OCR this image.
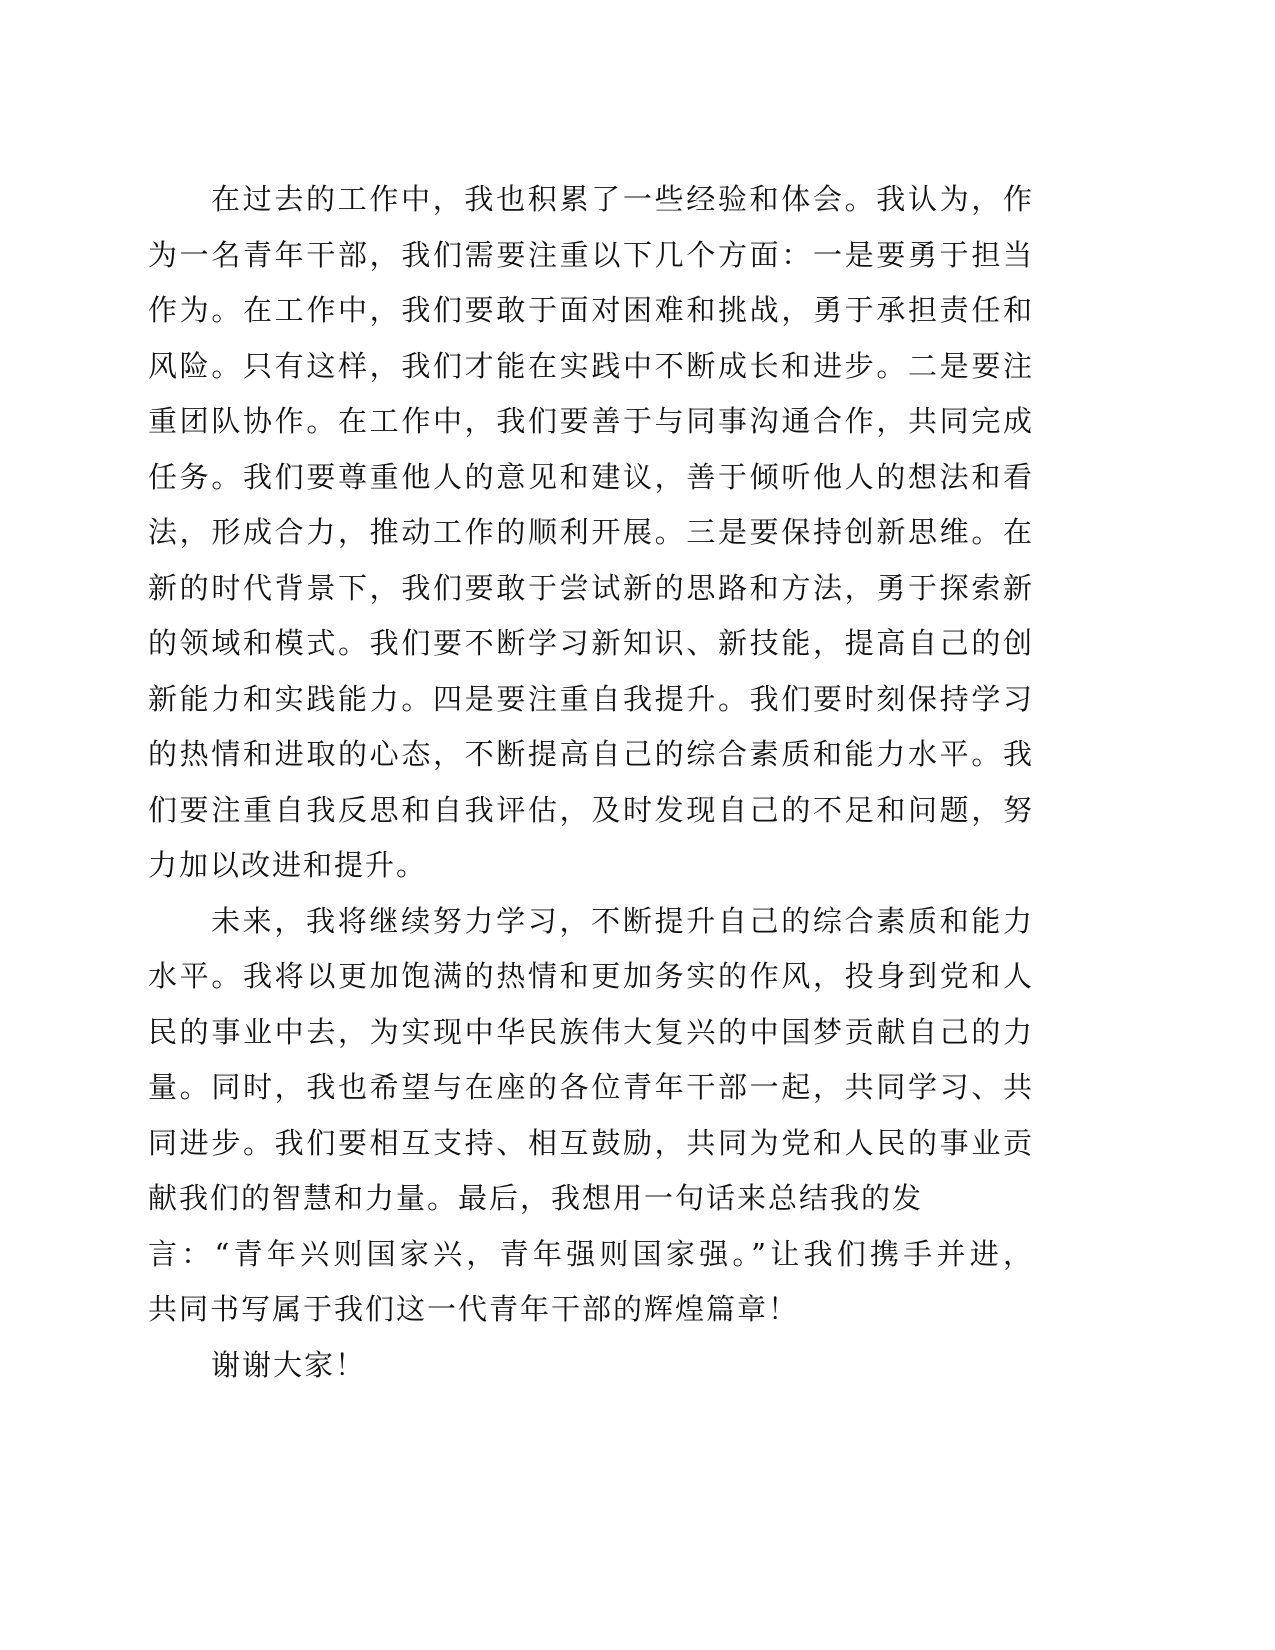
在过去的工作中，我也积累了一些经验和体会。我认为，作
为一名青年干部，我们需要注重以下几个方面：一是要勇于担当
作为。在工作中，我们要敢于面对困难和挑战，勇于承担责任和
风险。只有这样，我们才能在实践中不断成长和进步。二是要注
重团队协作。在工作中，我们要善于与同事沟通合作，共同完成
任务。我们要尊重他人的意见和建议，善于倾听他人的想法和看
法，形成合力，推动工作的顺利开展。三是要保持创新思维。在
新的时代背景下，我们要敢于尝试新的思路和方法，勇于探索新
的领域和模式。我们要不断学习新知识、新技能，提高自己的创
新能力和实践能力。四是要注重自我提升。我们要时刻保持学习
的热情和进取的心态，不断提高自己的综合素质和能力水平。我
们要注重自我反思和自我评估，及时发现自己的不足和问题，努
力加以改进和提升。
未来，我将继续努力学习，不断提升自己的综合素质和能力
水平。我将以更加饱满的热情和更加务实的作风，投身到党和人
民的事业中去，为实现中华民族伟大复兴的中国梦贡献自己的力
量。同时，我也希望与在座的各位青年干部一起，共同学习、共
同进步。我们要相互支持、相互鼓励，共同为党和人民的事业贡
献我们的智慧和力量。最后，我想用一句话来总结我的发
言：“青年兴则国家兴，青年强则国家强。”让我们携手并进，
共同书写属于我们这一代青年干部的辉煌篇章！
谢谢大家！
